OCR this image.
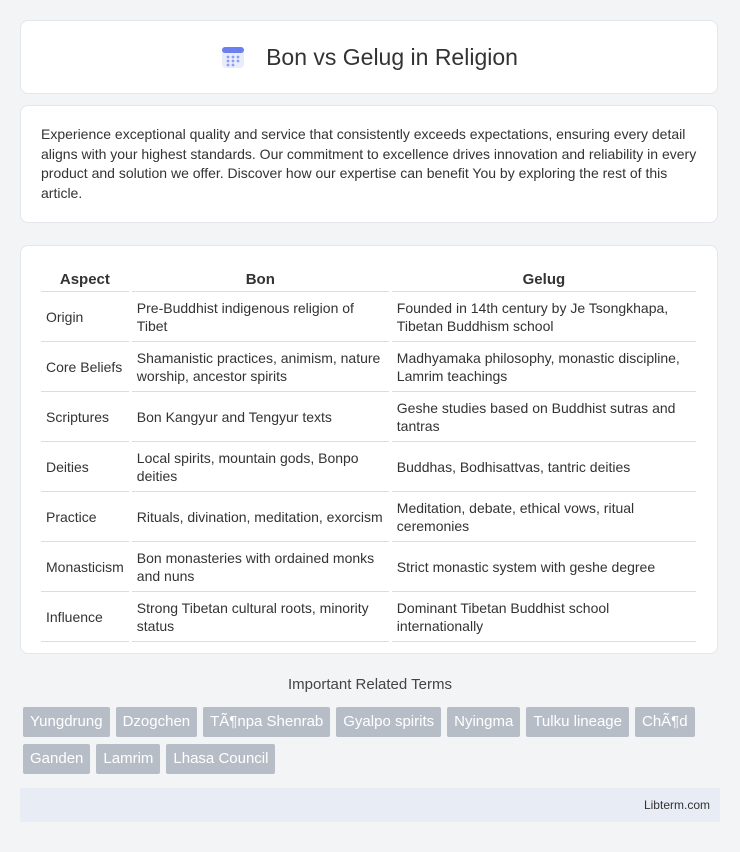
Bon vs Gelug in Religion

Experience exceptional quality and service that consistently exceeds expectations, ensuring every detail aligns with your highest standards. Our commitment to excellence drives innovation and reliability in every product and solution we offer. Discover how our expertise can benefit You by exploring the rest of this article.

Aspect	Bon	Gelug
Origin	Pre-Buddhist indigenous religion of Tibet	Founded in 14th century by Je Tsongkhapa, Tibetan Buddhism school
Core Beliefs	Shamanistic practices, animism, nature worship, ancestor spirits	Madhyamaka philosophy, monastic discipline, Lamrim teachings
Scriptures	Bon Kangyur and Tengyur texts	Geshe studies based on Buddhist sutras and tantras
Deities	Local spirits, mountain gods, Bonpo deities	Buddhas, Bodhisattvas, tantric deities
Practice	Rituals, divination, meditation, exorcism	Meditation, debate, ethical vows, ritual ceremonies
Monasticism	Bon monasteries with ordained monks and nuns	Strict monastic system with geshe degree
Influence	Strong Tibetan cultural roots, minority status	Dominant Tibetan Buddhist school internationally
Important Related Terms
Yungdrung	Dzogchen	TÃ¶npa Shenrab	Gyalpo spirits	Nyingma	Tulku lineage	ChÃ¶d
Ganden	Lamrim	Lhasa Council
Libterm.com
